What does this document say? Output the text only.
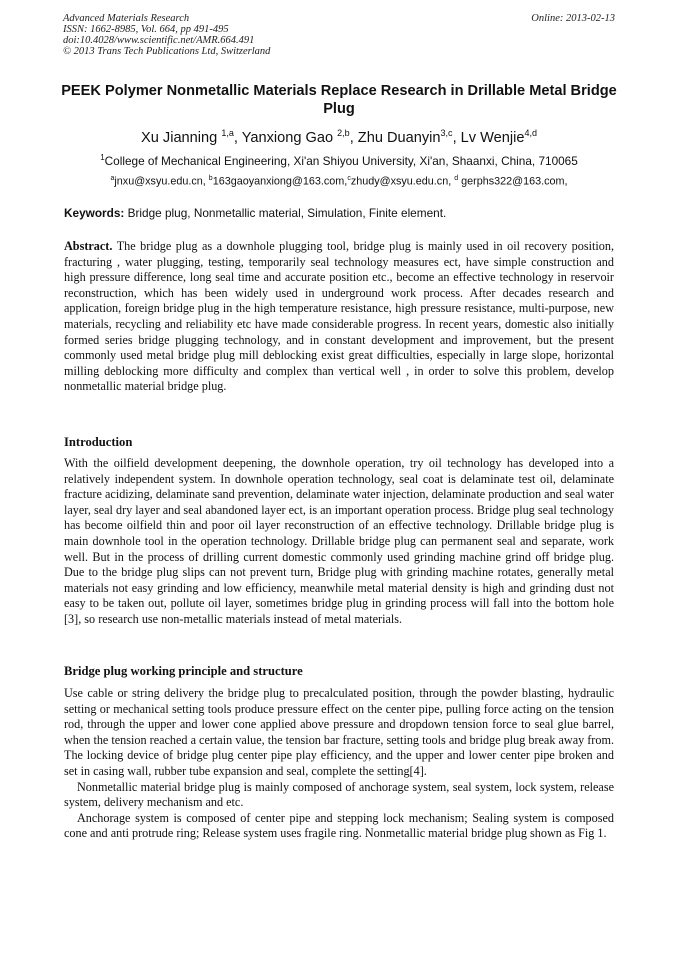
Advanced Materials Research
ISSN: 1662-8985, Vol. 664, pp 491-495
doi:10.4028/www.scientific.net/AMR.664.491
© 2013 Trans Tech Publications Ltd, Switzerland
Online: 2013-02-13
PEEK Polymer Nonmetallic Materials Replace Research in Drillable Metal Bridge Plug
Xu Jianning $^{1,a}$, Yanxiong Gao $^{2,b}$, Zhu Duanyin$^{3,c}$, Lv Wenjie$^{4,d}$
$^1$College of Mechanical Engineering, Xi'an Shiyou University, Xi'an, Shaanxi, China, 710065
$^a$jnxu@xsyu.edu.cn, $^b$163gaoyanxiong@163.com,$^c$zhudy@xsyu.edu.cn, $^d$ gerphs322@163.com,
Keywords: Bridge plug, Nonmetallic material, Simulation, Finite element.

Abstract. The bridge plug as a downhole plugging tool, bridge plug is mainly used in oil recovery position, fracturing , water plugging, testing, temporarily seal technology measures ect, have simple construction and high pressure difference, long seal time and accurate position etc., become an effective technology in reservoir reconstruction, which has been widely used in underground work process. After decades research and application, foreign bridge plug in the high temperature resistance, high pressure resistance, multi-purpose, new materials, recycling and reliability etc have made considerable progress. In recent years, domestic also initially formed series bridge plugging technology, and in constant development and improvement, but the present commonly used metal bridge plug mill deblocking exist great difficulties, especially in large slope, horizontal milling deblocking more difficulty and complex than vertical well , in order to solve this problem, develop nonmetallic material bridge plug.

Introduction

With the oilfield development deepening, the downhole operation, try oil technology has developed into a relatively independent system. In downhole operation technology, seal coat is delaminate test oil, delaminate fracture acidizing, delaminate sand prevention, delaminate water injection, delaminate production and seal water layer, seal dry layer and seal abandoned layer ect, is an important operation process. Bridge plug seal technology has become oilfield thin and poor oil layer reconstruction of an effective technology. Drillable bridge plug is main downhole tool in the operation technology. Drillable bridge plug can permanent seal and separate, work well. But in the process of drilling current domestic commonly used grinding machine grind off bridge plug. Due to the bridge plug slips can not prevent turn, Bridge plug with grinding machine rotates, generally metal materials not easy grinding and low efficiency, meanwhile metal material density is high and grinding dust not easy to be taken out, pollute oil layer, sometimes bridge plug in grinding process will fall into the bottom hole [3], so research use non-metallic materials instead of metal materials.

Bridge plug working principle and structure

Use cable or string delivery the bridge plug to precalculated position, through the powder blasting, hydraulic setting or mechanical setting tools produce pressure effect on the center pipe, pulling force acting on the tension rod, through the upper and lower cone applied above pressure and dropdown tension force to seal glue barrel, when the tension reached a certain value, the tension bar fracture, setting tools and bridge plug break away from. The locking device of bridge plug center pipe play efficiency, and the upper and lower center pipe broken and set in casing wall, rubber tube expansion and seal, complete the setting[4].

Nonmetallic material bridge plug is mainly composed of anchorage system, seal system, lock system, release system, delivery mechanism and etc.

Anchorage system is composed of center pipe and stepping lock mechanism; Sealing system is composed cone and anti protrude ring; Release system uses fragile ring. Nonmetallic material bridge plug shown as Fig 1.
